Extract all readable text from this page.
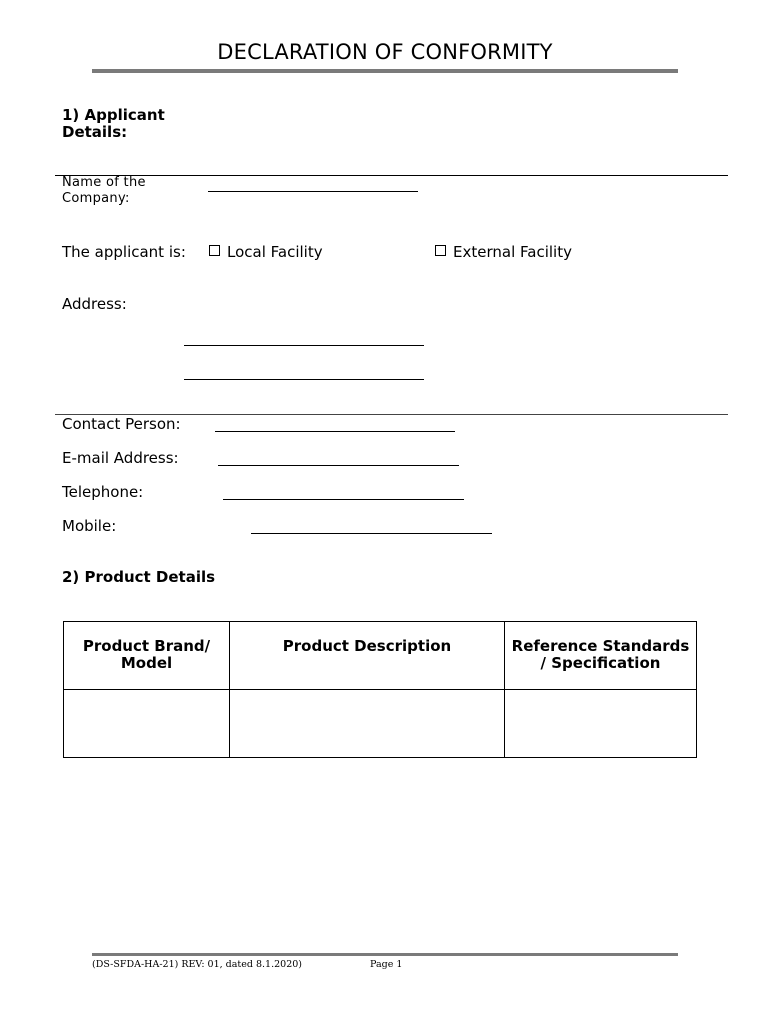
DECLARATION OF CONFORMITY
1) Applicant
Details:
Name of the
Company:
The applicant is:	Local Facility	External Facility
Address:
Contact Person:
E-mail Address:
Telephone:
Mobile:
2) Product Details
Product Brand/ Model	Product Description	Reference Standards / Specification

(DS-SFDA-HA-21) REV: 01, dated 8.1.2020)	Page 1
